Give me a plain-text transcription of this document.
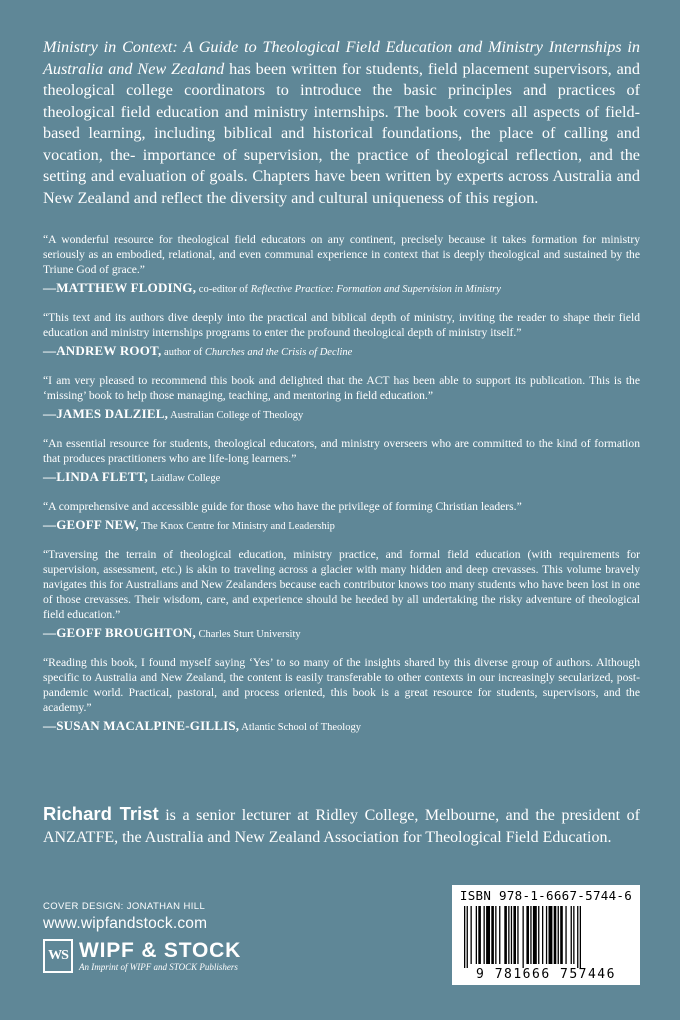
Ministry in Context: A Guide to Theological Field Education and Ministry Internships in Australia and New Zealand has been written for students, field placement supervisors, and theological college coordinators to introduce the basic principles and practices of theological field education and ministry internships. The book covers all aspects of field-based learning, including biblical and historical foundations, the place of calling and vocation, the- importance of supervision, the practice of theological reflection, and the setting and evaluation of goals. Chapters have been written by experts across Australia and New Zealand and reflect the diversity and cultural uniqueness of this region.

“A wonderful resource for theological field educators on any continent, precisely because it takes formation for ministry seriously as an embodied, relational, and even communal experience in context that is deeply theological and sustained by the Triune God of grace.”

—MATTHEW FLODING, co-editor of Reflective Practice: Formation and Supervision in Ministry

“This text and its authors dive deeply into the practical and biblical depth of ministry, inviting the reader to shape their field education and ministry internships programs to enter the profound theological depth of ministry itself.”

—ANDREW ROOT, author of Churches and the Crisis of Decline

“I am very pleased to recommend this book and delighted that the ACT has been able to support its publication. This is the ‘missing’ book to help those managing, teaching, and mentoring in field education.”

—JAMES DALZIEL, Australian College of Theology

“An essential resource for students, theological educators, and ministry overseers who are committed to the kind of formation that produces practitioners who are life-long learners.”

—LINDA FLETT, Laidlaw College

“A comprehensive and accessible guide for those who have the privilege of forming Christian leaders.”

—GEOFF NEW, The Knox Centre for Ministry and Leadership

“Traversing the terrain of theological education, ministry practice, and formal field education (with requirements for supervision, assessment, etc.) is akin to traveling across a glacier with many hidden and deep crevasses. This volume bravely navigates this for Australians and New Zealanders because each contributor knows too many students who have been lost in one of those crevasses. Their wisdom, care, and experience should be heeded by all undertaking the risky adventure of theological field education.”

—GEOFF BROUGHTON, Charles Sturt University

“Reading this book, I found myself saying ‘Yes’ to so many of the insights shared by this diverse group of authors. Although specific to Australia and New Zealand, the content is easily transferable to other contexts in our increasingly secularized, post-pandemic world. Practical, pastoral, and process oriented, this book is a great resource for students, supervisors, and the academy.”

—SUSAN MACALPINE-GILLIS, Atlantic School of Theology

Richard Trist is a senior lecturer at Ridley College, Melbourne, and the president of ANZATFE, the Australia and New Zealand Association for Theological Field Education.

COVER DESIGN: JONATHAN HILL
www.wipfandstock.com
WS WIPF & STOCK
An Imprint of WIPF and STOCK Publishers
ISBN 978-1-6667-5744-6
9 781666 757446
